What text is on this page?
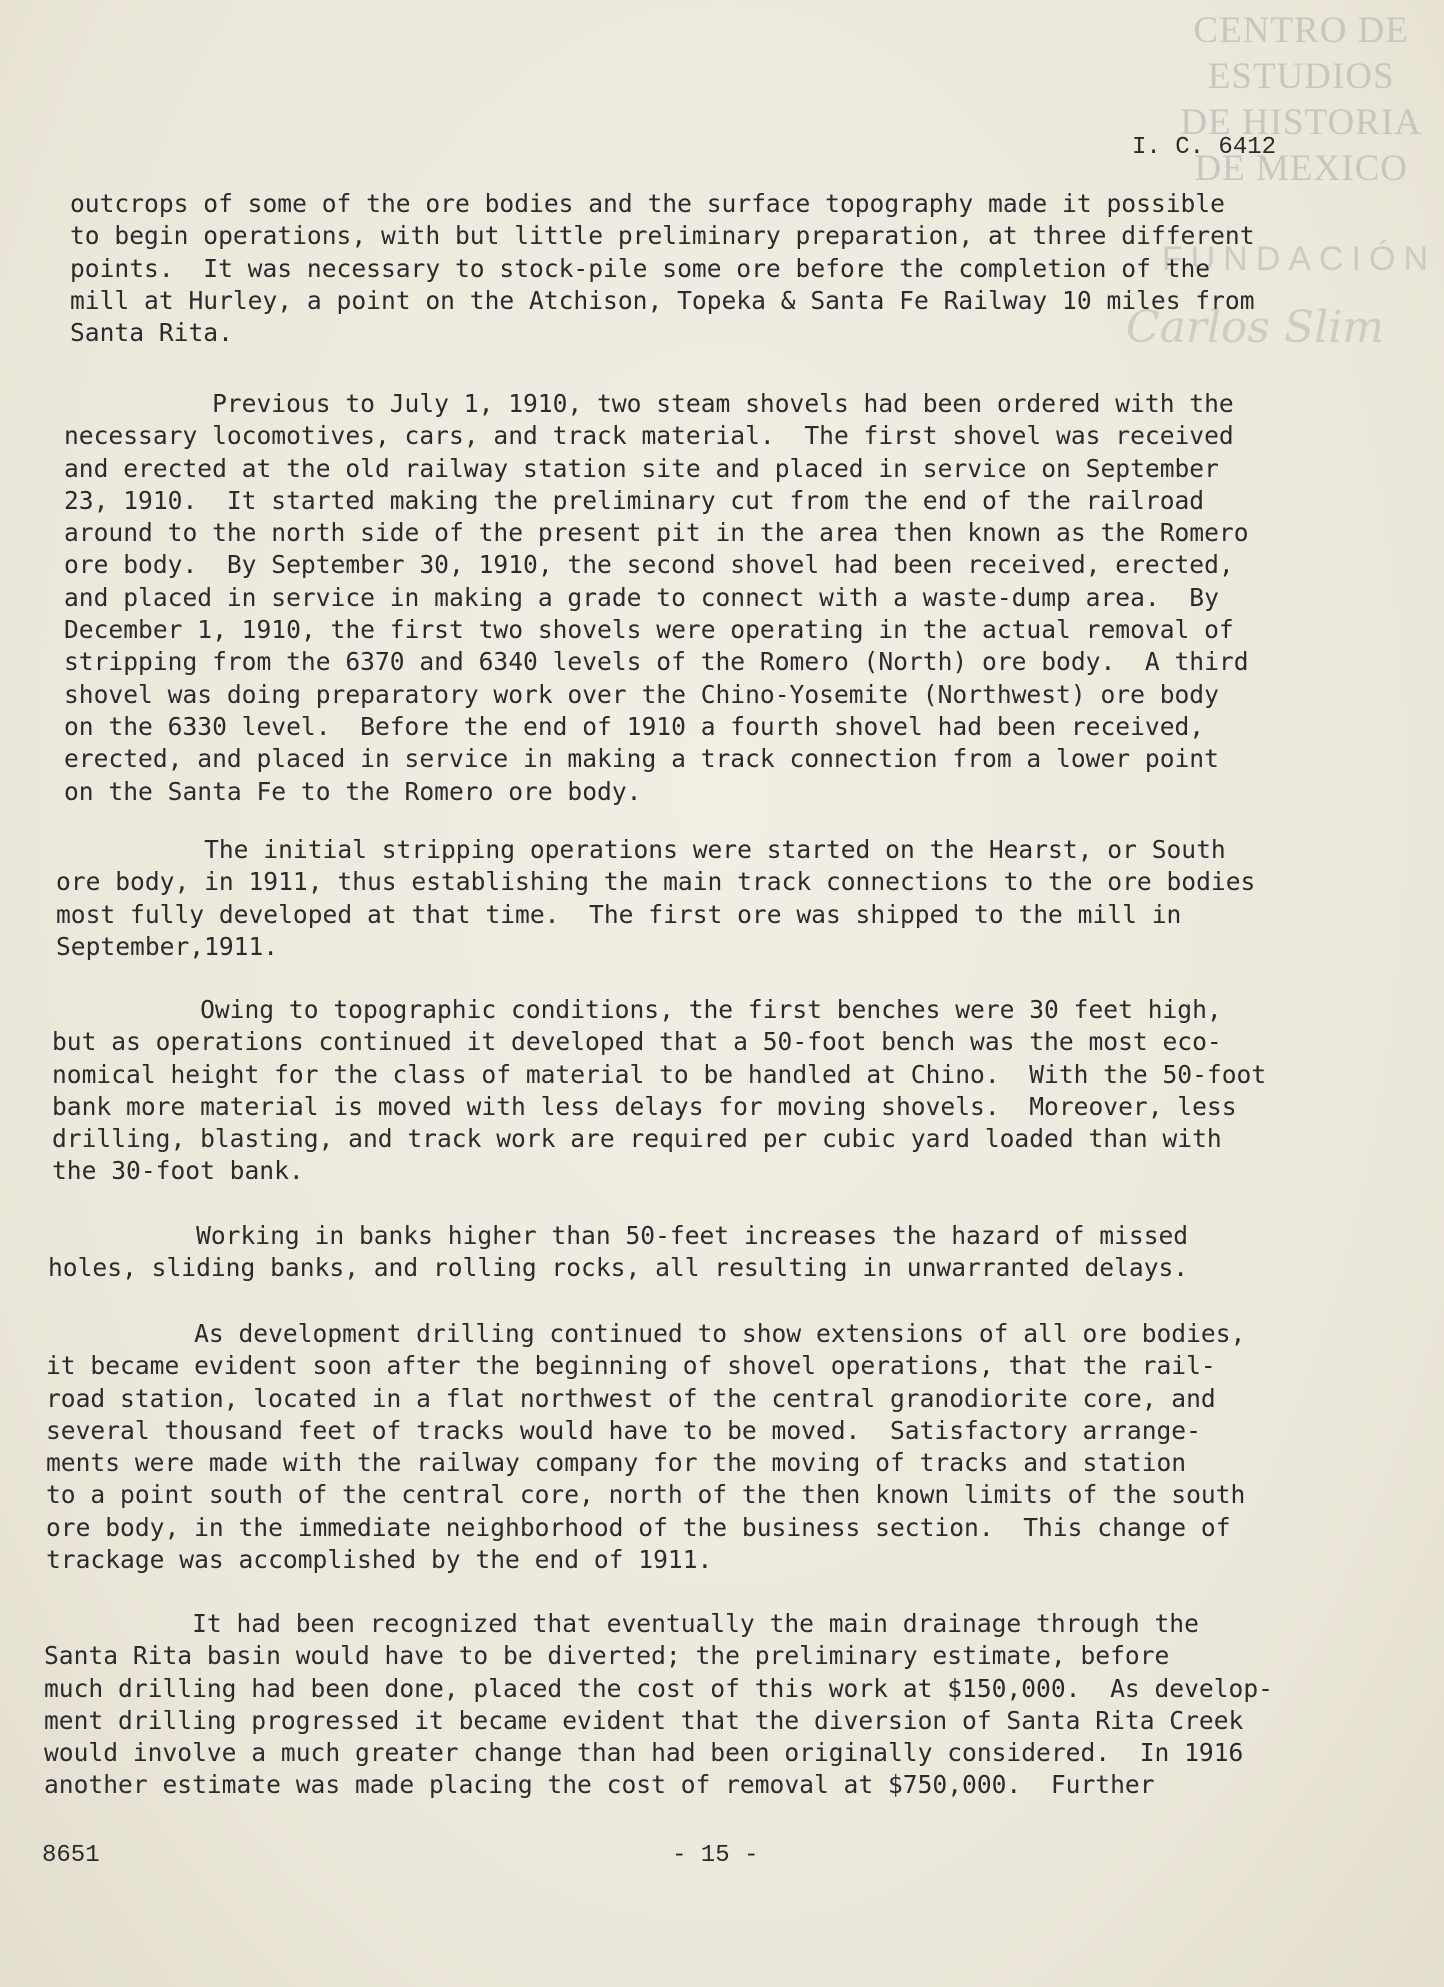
CENTRO DE
ESTUDIOS
DE HISTORIA
DE MEXICO
FUNDACIÓN
Carlos Slim
I. C. 6412
outcrops of some of the ore bodies and the surface topography made it possible
to begin operations, with but little preliminary preparation, at three different
points.  It was necessary to stock-pile some ore before the completion of the
mill at Hurley, a point on the Atchison, Topeka & Santa Fe Railway 10 miles from
Santa Rita.
Previous to July 1, 1910, two steam shovels had been ordered with the
necessary locomotives, cars, and track material.  The first shovel was received
and erected at the old railway station site and placed in service on September
23, 1910.  It started making the preliminary cut from the end of the railroad
around to the north side of the present pit in the area then known as the Romero
ore body.  By September 30, 1910, the second shovel had been received, erected,
and placed in service in making a grade to connect with a waste-dump area.  By
December 1, 1910, the first two shovels were operating in the actual removal of
stripping from the 6370 and 6340 levels of the Romero (North) ore body.  A third
shovel was doing preparatory work over the Chino-Yosemite (Northwest) ore body
on the 6330 level.  Before the end of 1910 a fourth shovel had been received,
erected, and placed in service in making a track connection from a lower point
on the Santa Fe to the Romero ore body.
The initial stripping operations were started on the Hearst, or South
ore body, in 1911, thus establishing the main track connections to the ore bodies
most fully developed at that time.  The first ore was shipped to the mill in
September,1911.
Owing to topographic conditions, the first benches were 30 feet high,
but as operations continued it developed that a 50-foot bench was the most eco-
nomical height for the class of material to be handled at Chino.  With the 50-foot
bank more material is moved with less delays for moving shovels.  Moreover, less
drilling, blasting, and track work are required per cubic yard loaded than with
the 30-foot bank.
Working in banks higher than 50-feet increases the hazard of missed
holes, sliding banks, and rolling rocks, all resulting in unwarranted delays.
As development drilling continued to show extensions of all ore bodies,
it became evident soon after the beginning of shovel operations, that the rail-
road station, located in a flat northwest of the central granodiorite core, and
several thousand feet of tracks would have to be moved.  Satisfactory arrange-
ments were made with the railway company for the moving of tracks and station
to a point south of the central core, north of the then known limits of the south
ore body, in the immediate neighborhood of the business section.  This change of
trackage was accomplished by the end of 1911.
It had been recognized that eventually the main drainage through the
Santa Rita basin would have to be diverted; the preliminary estimate, before
much drilling had been done, placed the cost of this work at $150,000.  As develop-
ment drilling progressed it became evident that the diversion of Santa Rita Creek
would involve a much greater change than had been originally considered.  In 1916
another estimate was made placing the cost of removal at $750,000.  Further
8651	- 15 -
